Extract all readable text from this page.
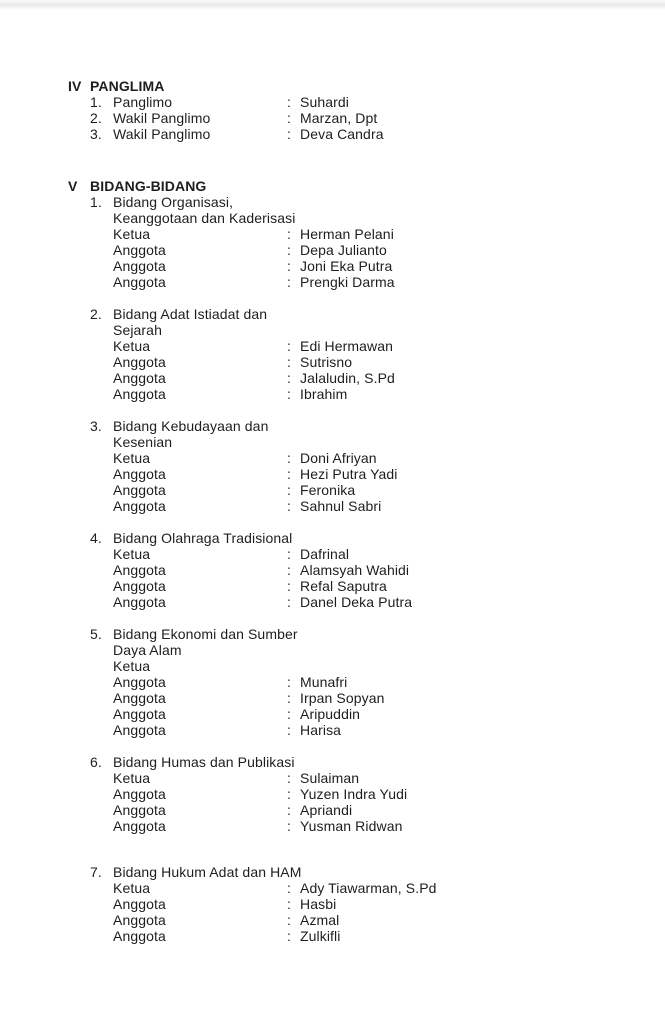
IV PANGLIMA
1. Panglimo	: Suhardi
2. Wakil Panglimo	: Marzan, Dpt
3. Wakil Panglimo	: Deva Candra
V BIDANG-BIDANG
1. Bidang Organisasi,
Keanggotaan dan Kaderisasi
Ketua	: Herman Pelani
Anggota	: Depa Julianto
Anggota	: Joni Eka Putra
Anggota	: Prengki Darma
2. Bidang Adat Istiadat dan
Sejarah
Ketua	: Edi Hermawan
Anggota	: Sutrisno
Anggota	: Jalaludin, S.Pd
Anggota	: Ibrahim
3. Bidang Kebudayaan dan
Kesenian
Ketua	: Doni Afriyan
Anggota	: Hezi Putra Yadi
Anggota	: Feronika
Anggota	: Sahnul Sabri
4. Bidang Olahraga Tradisional
Ketua	: Dafrinal
Anggota	: Alamsyah Wahidi
Anggota	: Refal Saputra
Anggota	: Danel Deka Putra
5. Bidang Ekonomi dan Sumber
Daya Alam
Ketua
Anggota	: Munafri
Anggota	: Irpan Sopyan
Anggota	: Aripuddin
Anggota	: Harisa
6. Bidang Humas dan Publikasi
Ketua	: Sulaiman
Anggota	: Yuzen Indra Yudi
Anggota	: Apriandi
Anggota	: Yusman Ridwan
7. Bidang Hukum Adat dan HAM
Ketua	: Ady Tiawarman, S.Pd
Anggota	: Hasbi
Anggota	: Azmal
Anggota	: Zulkifli
